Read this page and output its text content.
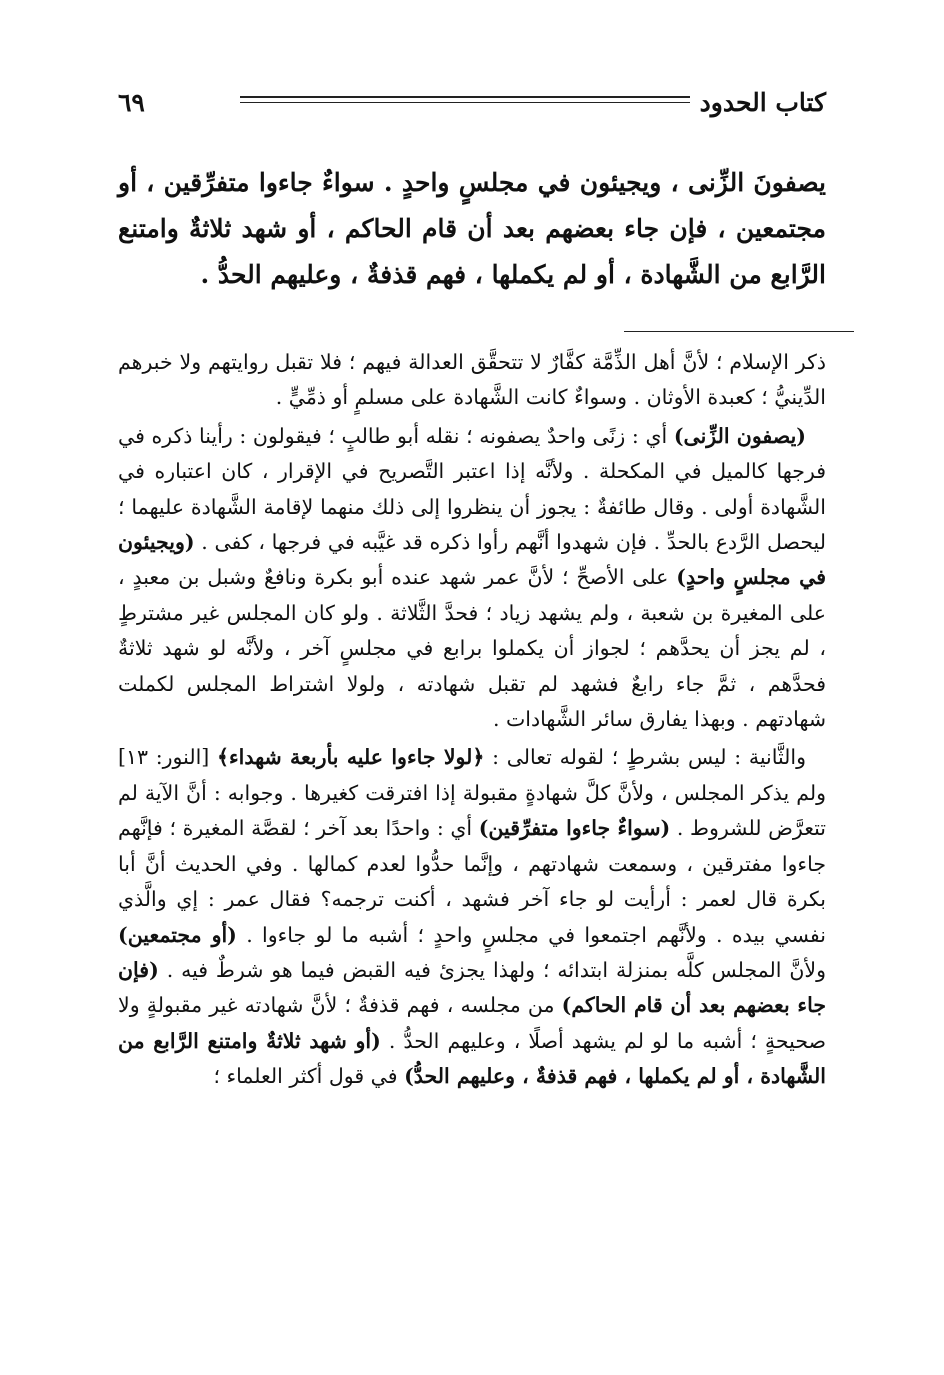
كتاب الحدود
٦٩
يصفونَ الزِّنى ، ويجيئون في مجلسٍ واحدٍ . سواءٌ جاءوا متفرِّقين ، أو مجتمعين ، فإن جاء بعضهم بعد أن قام الحاكم ، أو شهد ثلاثةٌ وامتنع الرَّابع من الشَّهادة ، أو لم يكملها ، فهم قذفةٌ ، وعليهم الحدُّ .

ذكر الإسلام ؛ لأنَّ أهل الذِّمَّة كفَّارٌ لا تتحقَّق العدالة فيهم ؛ فلا تقبل روايتهم ولا خبرهم الدِّينيُّ ؛ كعبدة الأوثان . وسواءٌ كانت الشَّهادة على مسلمٍ أو ذمِّيٍّ .

(يصفون الزِّنى) أي : زنًى واحدٌ يصفونه ؛ نقله أبو طالبٍ ؛ فيقولون : رأينا ذكره في فرجها كالميل في المكحلة . ولأنَّه إذا اعتبر التَّصريح في الإقرار ، كان اعتباره في الشَّهادة أولى . وقال طائفةٌ : يجوز أن ينظروا إلى ذلك منهما لإقامة الشَّهادة عليهما ؛ ليحصل الرَّدع بالحدِّ . فإن شهدوا أنَّهم رأوا ذكره قد غيَّبه في فرجها ، كفى . (ويجيئون في مجلسٍ واحدٍ) على الأصحِّ ؛ لأنَّ عمر شهد عنده أبو بكرة ونافعٌ وشبل بن معبدٍ ، على المغيرة بن شعبة ، ولم يشهد زياد ؛ فحدَّ الثَّلاثة . ولو كان المجلس غير مشترطٍ ، لم يجز أن يحدَّهم ؛ لجواز أن يكملوا برابع في مجلسٍ آخر ، ولأنَّه لو شهد ثلاثةٌ فحدَّهم ، ثمَّ جاء رابعٌ فشهد لم تقبل شهادته ، ولولا اشتراط المجلس لكملت شهادتهم . وبهذا يفارق سائر الشَّهادات .

والثَّانية : ليس بشرطٍ ؛ لقوله تعالى : ﴿لولا جاءوا عليه بأربعة شهداء﴾ [النور: ١٣] ولم يذكر المجلس ، ولأنَّ كلَّ شهادةٍ مقبولة إذا افترقت كغيرها . وجوابه : أنَّ الآية لم تتعرَّض للشروط . (سواءٌ جاءوا متفرِّقين) أي : واحدًا بعد آخر ؛ لقصَّة المغيرة ؛ فإنَّهم جاءوا مفترقين ، وسمعت شهادتهم ، وإنَّما حدُّوا لعدم كمالها . وفي الحديث أنَّ أبا بكرة قال لعمر : أرأيت لو جاء آخر فشهد ، أكنت ترجمه؟ فقال عمر : إي والَّذي نفسي بيده . ولأنَّهم اجتمعوا في مجلسٍ واحدٍ ؛ أشبه ما لو جاءوا . (أو مجتمعين) ولأنَّ المجلس كلَّه بمنزلة ابتدائه ؛ ولهذا يجزئ فيه القبض فيما هو شرطٌ فيه . (فإن جاء بعضهم بعد أن قام الحاكم) من مجلسه ، فهم قذفةٌ ؛ لأنَّ شهادته غير مقبولةٍ ولا صحيحةٍ ؛ أشبه ما لو لم يشهد أصلًا ، وعليهم الحدُّ . (أو شهد ثلاثةٌ وامتنع الرَّابع من الشَّهادة ، أو لم يكملها ، فهم قذفةٌ ، وعليهم الحدُّ) في قول أكثر العلماء ؛
